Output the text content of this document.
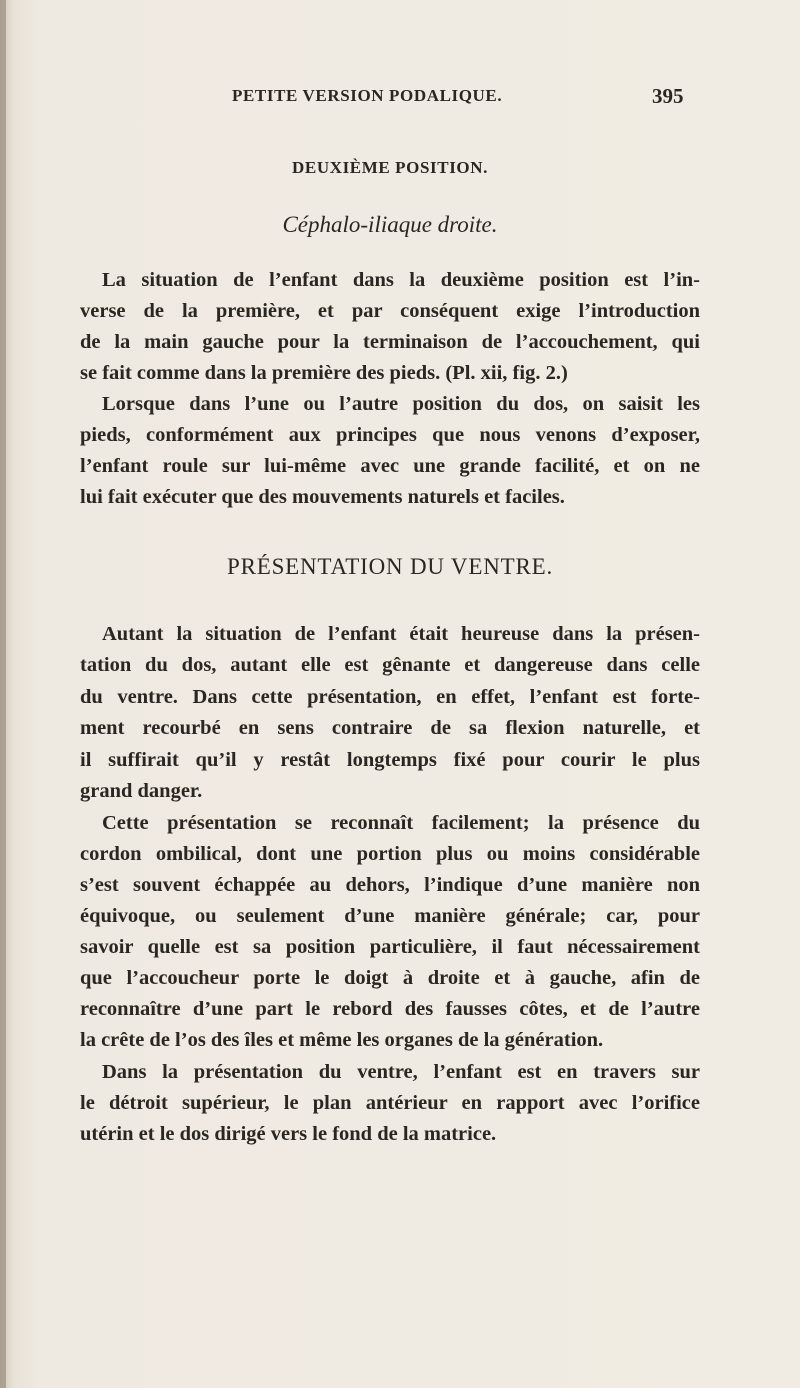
PETITE VERSION PODALIQUE.	395
DEUXIÈME POSITION.
Céphalo-iliaque droite.
La situation de l’enfant dans la deuxième position est l’in-
verse de la première, et par conséquent exige l’introduction
de la main gauche pour la terminaison de l’accouchement, qui
se fait comme dans la première des pieds. (Pl. xii, fig. 2.)
Lorsque dans l’une ou l’autre position du dos, on saisit les
pieds, conformément aux principes que nous venons d’exposer,
l’enfant roule sur lui-même avec une grande facilité, et on ne
lui fait exécuter que des mouvements naturels et faciles.
PRÉSENTATION DU VENTRE.
Autant la situation de l’enfant était heureuse dans la présen-
tation du dos, autant elle est gênante et dangereuse dans celle
du ventre. Dans cette présentation, en effet, l’enfant est forte-
ment recourbé en sens contraire de sa flexion naturelle, et
il suffirait qu’il y restât longtemps fixé pour courir le plus
grand danger.
Cette présentation se reconnaît facilement; la présence du
cordon ombilical, dont une portion plus ou moins considérable
s’est souvent échappée au dehors, l’indique d’une manière non
équivoque, ou seulement d’une manière générale; car, pour
savoir quelle est sa position particulière, il faut nécessairement
que l’accoucheur porte le doigt à droite et à gauche, afin de
reconnaître d’une part le rebord des fausses côtes, et de l’autre
la crête de l’os des îles et même les organes de la génération.
Dans la présentation du ventre, l’enfant est en travers sur
le détroit supérieur, le plan antérieur en rapport avec l’orifice
utérin et le dos dirigé vers le fond de la matrice.
